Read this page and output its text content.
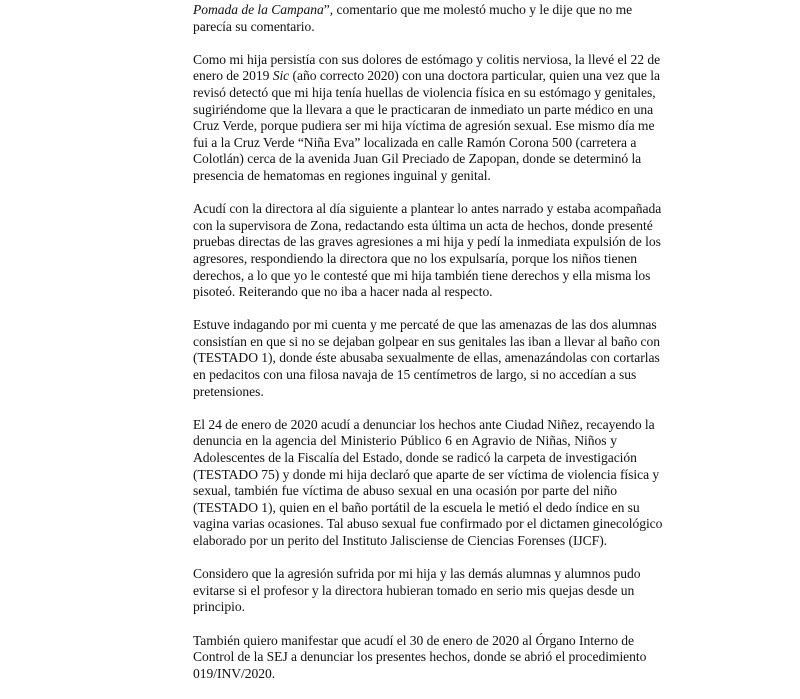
Pomada de la Campana”, comentario que me molestó mucho y le dije que no me
parecía su comentario.

Como mi hija persistía con sus dolores de estómago y colitis nerviosa, la llevé el 22 de
enero de 2019 Sic (año correcto 2020) con una doctora particular, quien una vez que la
revisó detectó que mi hija tenía huellas de violencia física en su estómago y genitales,
sugiriéndome que la llevara a que le practicaran de inmediato un parte médico en una
Cruz Verde, porque pudiera ser mi hija víctima de agresión sexual. Ese mismo día me
fui a la Cruz Verde “Niña Eva” localizada en calle Ramón Corona 500 (carretera a
Colotlán) cerca de la avenida Juan Gil Preciado de Zapopan, donde se determinó la
presencia de hematomas en regiones inguinal y genital.

Acudí con la directora al día siguiente a plantear lo antes narrado y estaba acompañada
con la supervisora de Zona, redactando esta última un acta de hechos, donde presenté
pruebas directas de las graves agresiones a mi hija y pedí la inmediata expulsión de los
agresores, respondiendo la directora que no los expulsaría, porque los niños tienen
derechos, a lo que yo le contesté que mi hija también tiene derechos y ella misma los
pisoteó. Reiterando que no iba a hacer nada al respecto.

Estuve indagando por mi cuenta y me percaté de que las amenazas de las dos alumnas
consistían en que si no se dejaban golpear en sus genitales las iban a llevar al baño con
(TESTADO 1), donde éste abusaba sexualmente de ellas, amenazándolas con cortarlas
en pedacitos con una filosa navaja de 15 centímetros de largo, si no accedían a sus
pretensiones.

El 24 de enero de 2020 acudí a denunciar los hechos ante Ciudad Niñez, recayendo la
denuncia en la agencia del Ministerio Público 6 en Agravio de Niñas, Niños y
Adolescentes de la Fiscalía del Estado, donde se radicó la carpeta de investigación
(TESTADO 75) y donde mi hija declaró que aparte de ser víctima de violencia física y
sexual, también fue víctima de abuso sexual en una ocasión por parte del niño
(TESTADO 1), quien en el baño portátil de la escuela le metió el dedo índice en su
vagina varias ocasiones. Tal abuso sexual fue confirmado por el dictamen ginecológico
elaborado por un perito del Instituto Jalisciense de Ciencias Forenses (IJCF).

Considero que la agresión sufrida por mi hija y las demás alumnas y alumnos pudo
evitarse si el profesor y la directora hubieran tomado en serio mis quejas desde un
principio.

También quiero manifestar que acudí el 30 de enero de 2020 al Órgano Interno de
Control de la SEJ a denunciar los presentes hechos, donde se abrió el procedimiento
019/INV/2020.
